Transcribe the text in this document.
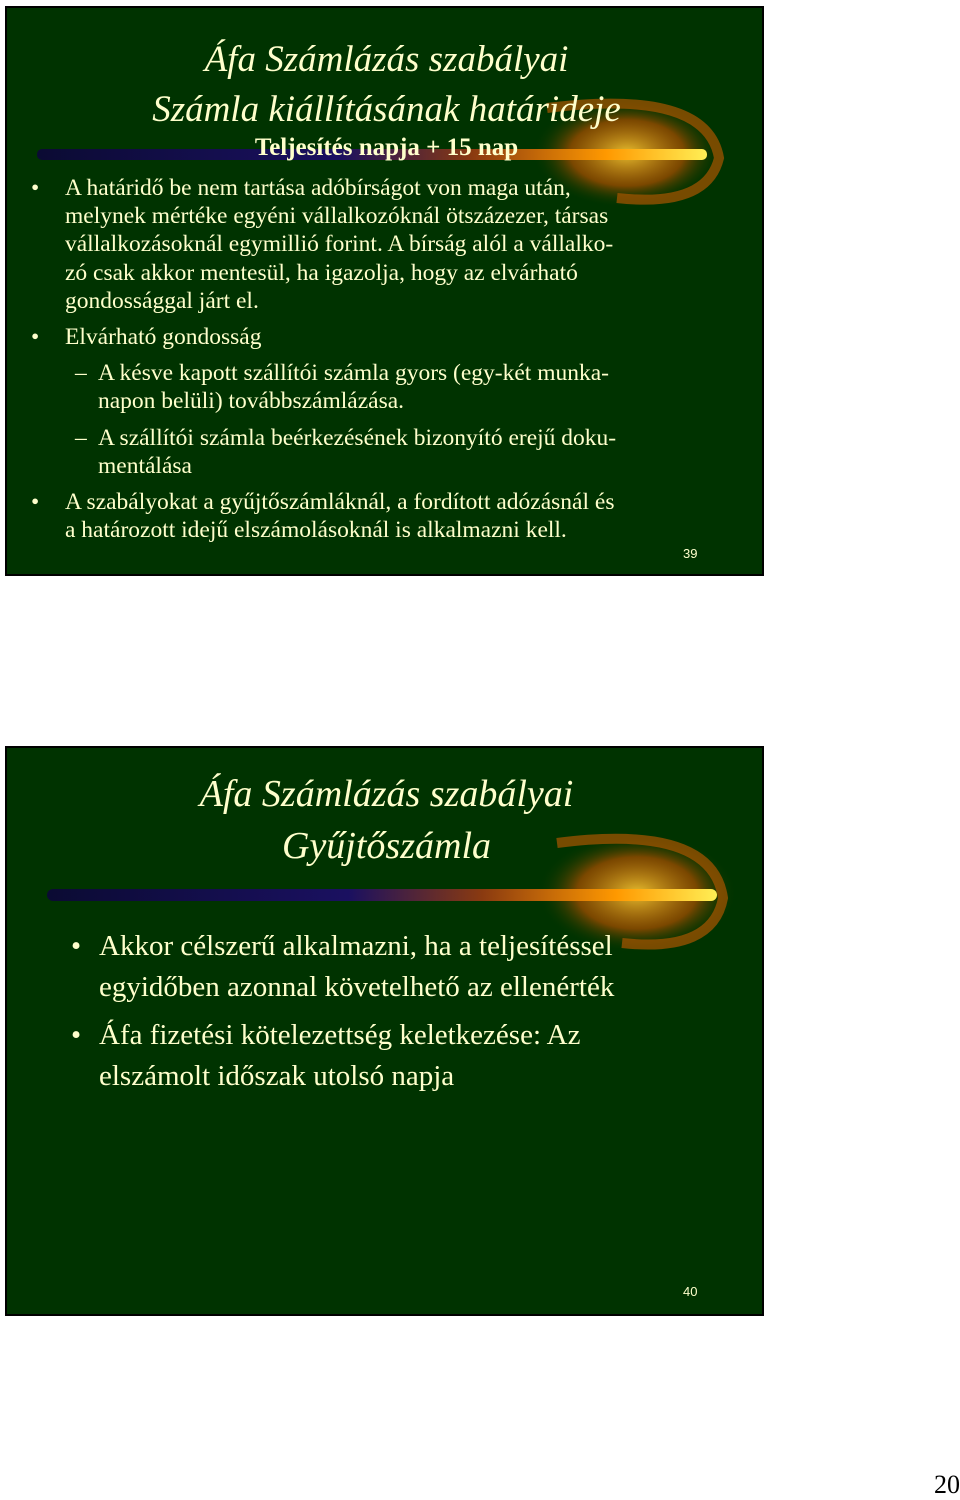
Áfa Számlázás szabályai
Számla kiállításának határideje
Teljesítés napja + 15 nap
• A határidő be nem tartása adóbírságot von maga után,
melynek mértéke egyéni vállalkozóknál ötszázezer, társas
vállalkozásoknál egymillió forint. A bírság alól a vállalko-
zó csak akkor mentesül, ha igazolja, hogy az elvárható
gondossággal járt el.
• Elvárható gondosság
– A késve kapott szállítói számla gyors (egy-két munka-
napon belüli) továbbszámlázása.
– A szállítói számla beérkezésének bizonyító erejű doku-
mentálása
• A szabályokat a gyűjtőszámláknál, a fordított adózásnál és
a határozott idejű elszámolásoknál is alkalmazni kell.
39
Áfa Számlázás szabályai
Gyűjtőszámla
• Akkor célszerű alkalmazni, ha a teljesítéssel
egyidőben azonnal követelhető az ellenérték
• Áfa fizetési kötelezettség keletkezése: Az
elszámolt időszak utolsó napja
40
20
